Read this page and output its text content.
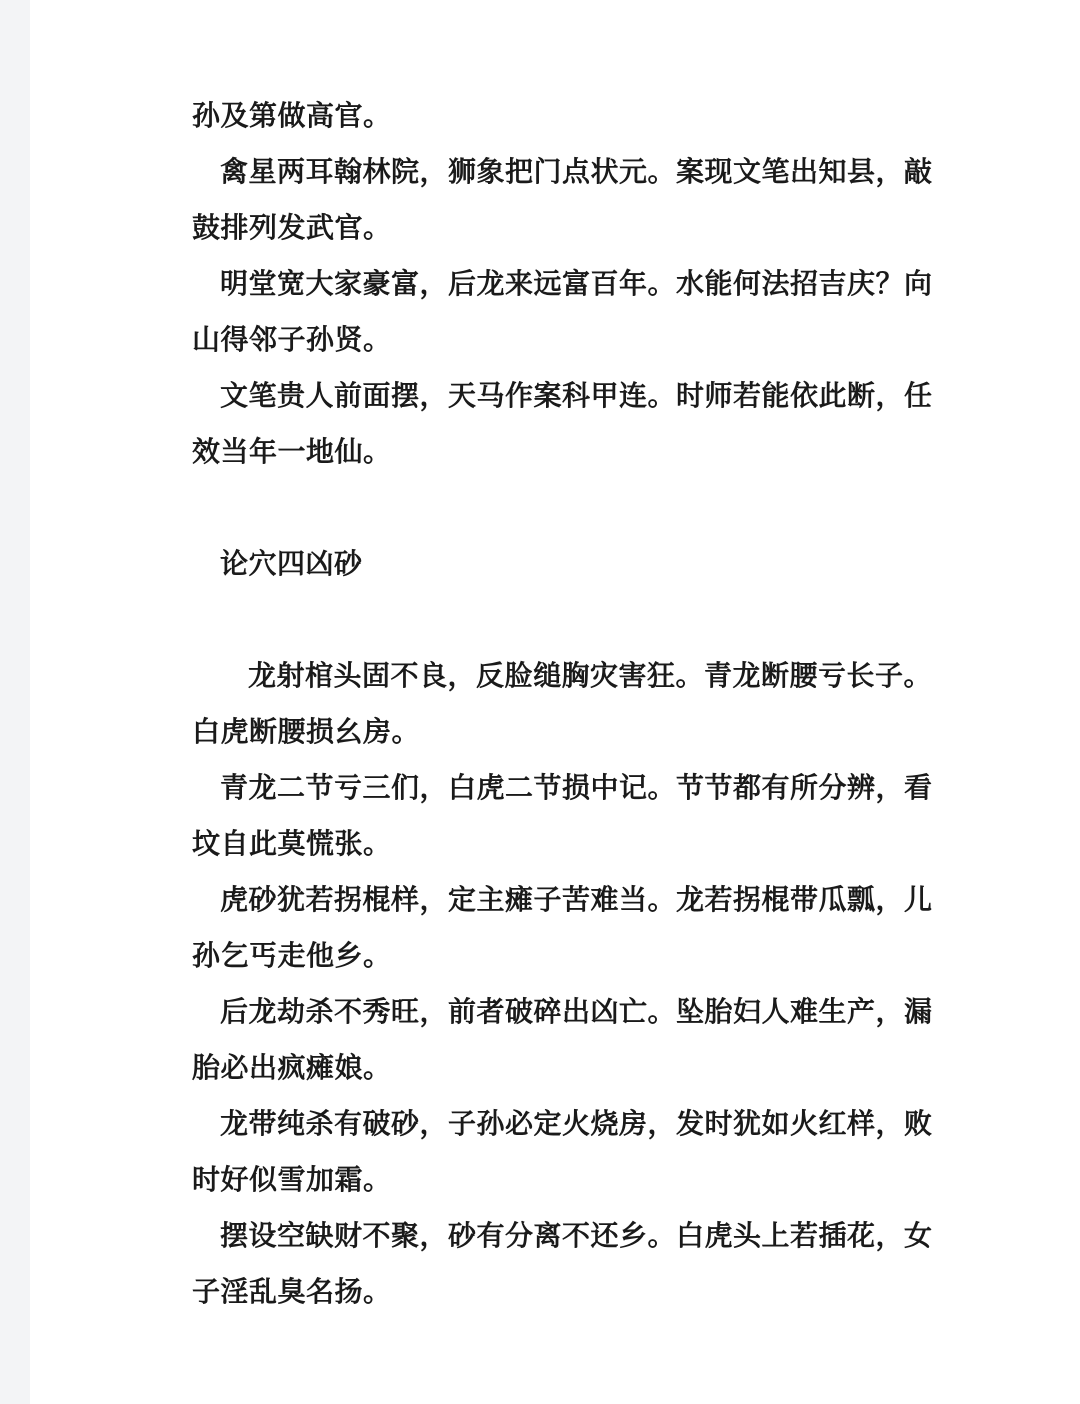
孙及第做高官。
禽星两耳翰林院，狮象把门点状元。案现文笔出知县，敲
鼓排列发武官。
明堂宽大家豪富，后龙来远富百年。水能何法招吉庆？向
山得邻子孙贤。
文笔贵人前面摆，天马作案科甲连。时师若能依此断，任
效当年一地仙。
论穴四凶砂
龙射棺头固不良，反脸缒胸灾害狂。青龙断腰亏长子。
白虎断腰损幺房。
青龙二节亏三们，白虎二节损中记。节节都有所分辨，看
坟自此莫慌张。
虎砂犹若拐棍样，定主瘫子苦难当。龙若拐棍带瓜瓢，儿
孙乞丐走他乡。
后龙劫杀不秀旺，前者破碎出凶亡。坠胎妇人难生产，漏
胎必出疯瘫娘。
龙带纯杀有破砂，子孙必定火烧房，发时犹如火红样，败
时好似雪加霜。
摆设空缺财不聚，砂有分离不还乡。白虎头上若插花，女
子淫乱臭名扬。
